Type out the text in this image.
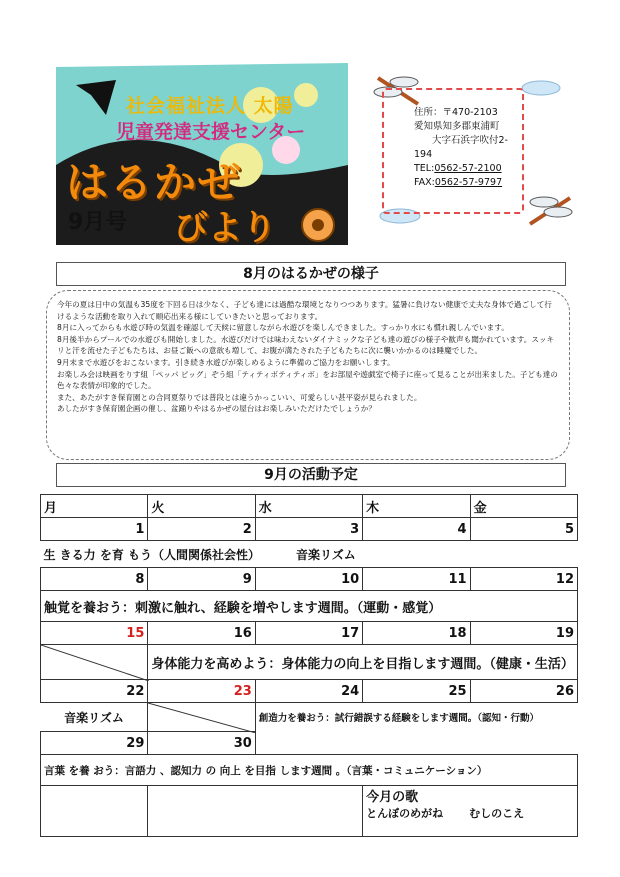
社会福祉法人 太陽
児童発達支援センター
はるかぜ
9月号 びより
住所：〒470-2103
愛知県知多郡東浦町
大字石浜字吹付2-
194
TEL:0562-57-2100
FAX:0562-57-9797
8月のはるかぜの様子

今年の夏は日中の気温も35度を下回る日は少なく、子ども達には過酷な環境となりつつあります。猛暑に負けない健康で丈夫な身体で過ごして行けるような活動を取り入れて順応出来る様にしていきたいと思っております。

8月に入ってからも水遊び時の気温を確認して天候に留意しながら水遊びを楽しんできました。すっかり水にも慣れ親しんでいます。

8月後半からプールでの水遊びも開始しました。水遊びだけでは味わえないダイナミックな子ども達の遊びの様子や歓声も聞かれています。スッキリと汗を流せた子どもたちは、お昼ご飯への意欲も増して、お腹が満たされた子どもたちに次に襲いかかるのは睡魔でした。

9月末まで水遊びをおこないます。引き続き水遊びが楽しめるように準備のご協力をお願いします。

お楽しみ会は映画をりす組「ペッパ ピッグ」ぞう組「ティティボティティボ」をお部屋や遊戯室で椅子に座って見ることが出来ました。子ども達の色々な表情が印象的でした。

また、あたがすき保育園との合同夏祭りでは普段とは違うかっこいい、可愛らしい甚平姿が見られました。

あしたがすき保育園企画の催し、盆踊りやはるかぜの屋台はお楽しみいただけたでしょうか？

9月の活動予定
月	火	水	木	金
1	2	3	4	5
生 きる力 を育 もう（人間関係社会性） 音楽リズム				
8	9	10	11	12
触覚を養おう：刺激に触れ、経験を増やします週間。（運動・感覚）				
15	16	17	18	19

	身体能力を高めよう：身体能力の向上を目指します週間。（健康・生活）			
22	23	24	25	26
音楽リズム		創造力を養おう：試行錯誤する経験をします週間。（認知・行動）		
29	30			
言葉 を養 おう：言語力 、認知力 の 向上 を目指 します週間 。（言葉・コミュニケーション）				

			今月の歌
とんぼのめがね むしのこえ	
